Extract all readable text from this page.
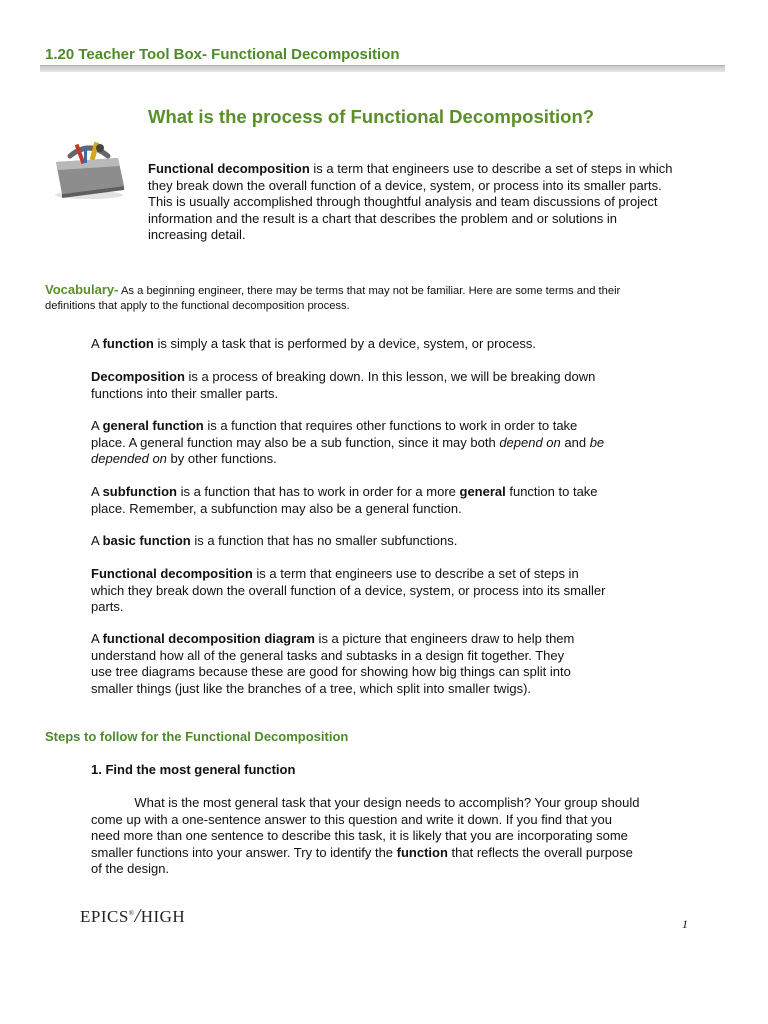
1.20 Teacher Tool Box- Functional Decomposition
What is the process of Functional Decomposition?
Functional decomposition is a term that engineers use to describe a set of steps in which they break down the overall function of a device, system, or process into its smaller parts. This is usually accomplished through thoughtful analysis and team discussions of project information and the result is a chart that describes the problem and or solutions in increasing detail.
Vocabulary- As a beginning engineer, there may be terms that may not be familiar. Here are some terms and their definitions that apply to the functional decomposition process.
A function is simply a task that is performed by a device, system, or process.
Decomposition is a process of breaking down. In this lesson, we will be breaking down functions into their smaller parts.
A general function is a function that requires other functions to work in order to take place. A general function may also be a sub function, since it may both depend on and be depended on by other functions.
A subfunction is a function that has to work in order for a more general function to take place. Remember, a subfunction may also be a general function.
A basic function is a function that has no smaller subfunctions.
Functional decomposition is a term that engineers use to describe a set of steps in which they break down the overall function of a device, system, or process into its smaller parts.
A functional decomposition diagram is a picture that engineers draw to help them understand how all of the general tasks and subtasks in a design fit together. They use tree diagrams because these are good for showing how big things can split into smaller things (just like the branches of a tree, which split into smaller twigs).
Steps to follow for the Functional Decomposition
1. Find the most general function
What is the most general task that your design needs to accomplish? Your group should come up with a one-sentence answer to this question and write it down. If you find that you need more than one sentence to describe this task, it is likely that you are incorporating some smaller functions into your answer. Try to identify the function that reflects the overall purpose of the design.
EPICS®/HIGH	1
